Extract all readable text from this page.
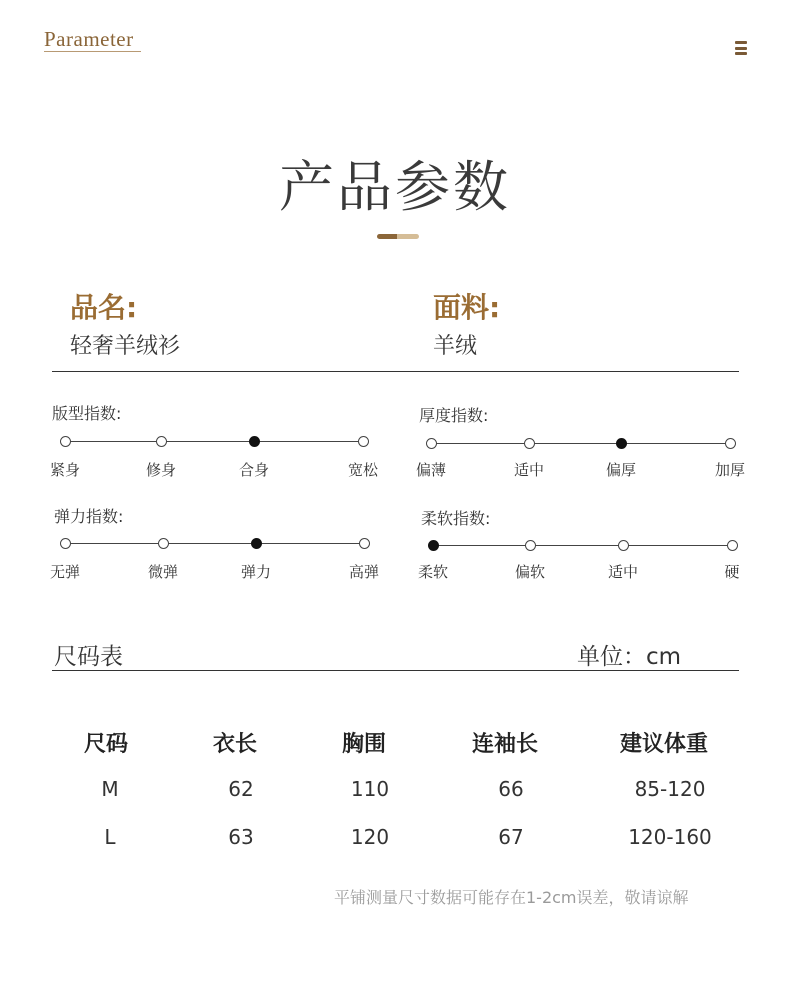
Parameter
产品参数
品名:
轻奢羊绒衫
面料:
羊绒
版型指数:
紧身	修身	合身	宽松
厚度指数:
偏薄	适中	偏厚	加厚
弹力指数:
无弹	微弹	弹力	高弹
柔软指数:
柔软	偏软	适中	硬
尺码表	单位：cm
尺码	衣长	胸围	连袖长	建议体重
M	62	110	66	85-120
L	63	120	67	120-160
平铺测量尺寸数据可能存在1-2cm误差，敬请谅解
